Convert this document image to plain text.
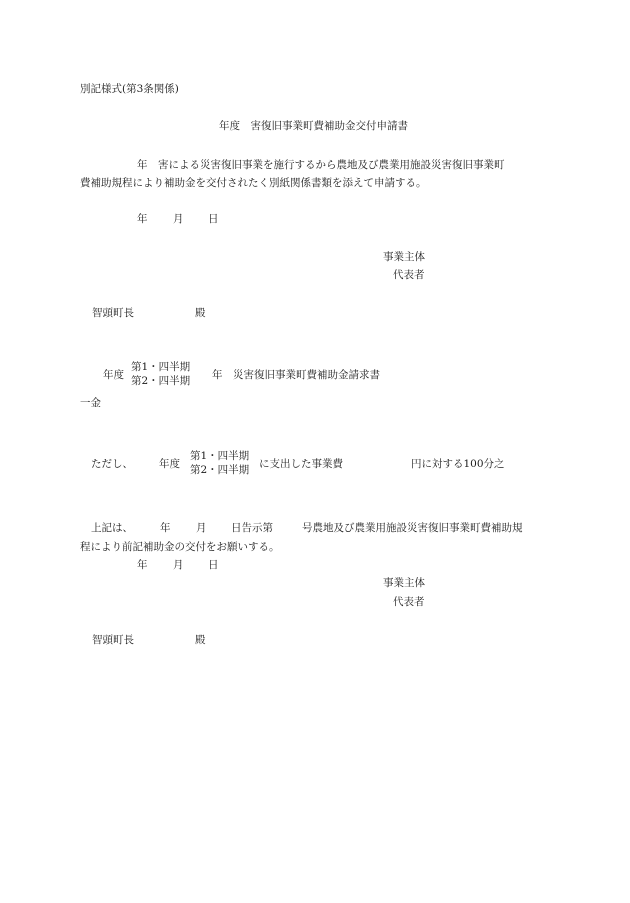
別記様式(第3条関係)
年度　害復旧事業町費補助金交付申請書
年　害による災害復旧事業を施行するから農地及び農業用施設災害復旧事業町
費補助規程により補助金を交付されたく別紙関係書類を添えて申請する。
年 月 日
事業主体
代表者
智頭町長	殿
年度
第1・四半期
第2・四半期 年　災害復旧事業町費補助金請求書
一金
ただし、 年度
第1・四半期
第2・四半期 に支出した事業費	円に対する100分之
上記は、	年 月 日告示第	号農地及び農業用施設災害復旧事業町費補助規
程により前記補助金の交付をお願いする。
年 月 日
事業主体
代表者
智頭町長	殿
